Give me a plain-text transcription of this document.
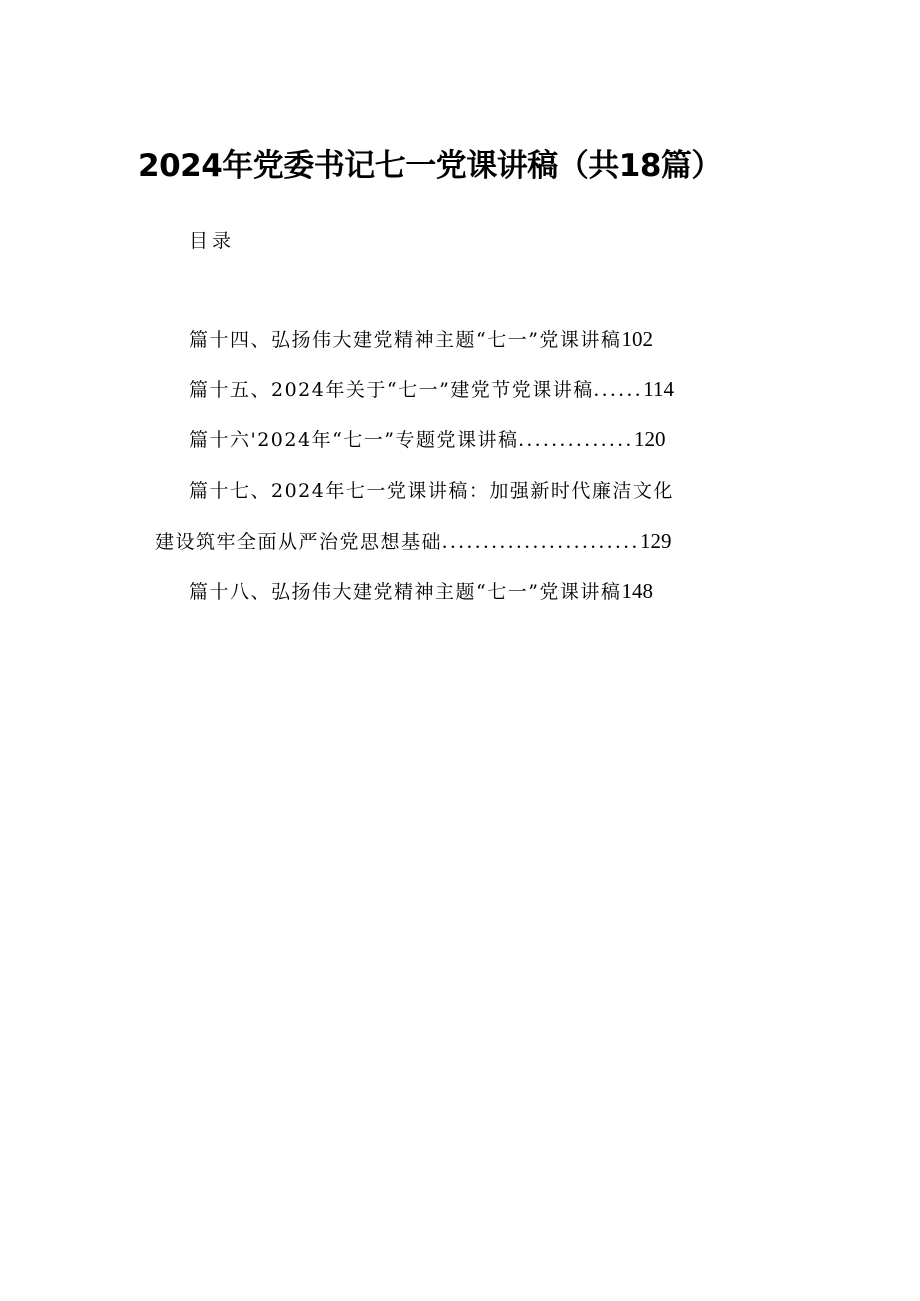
2024年党委书记七一党课讲稿（共18篇）
目录
篇十四、弘扬伟大建党精神主题“七一”党课讲稿102
篇十五、2024年关于“七一”建党节党课讲稿......114
篇十六'2024年“七一”专题党课讲稿..............120
篇十七、2024年七一党课讲稿：加强新时代廉洁文化
建设筑牢全面从严治党思想基础........................129
篇十八、弘扬伟大建党精神主题“七一”党课讲稿148
